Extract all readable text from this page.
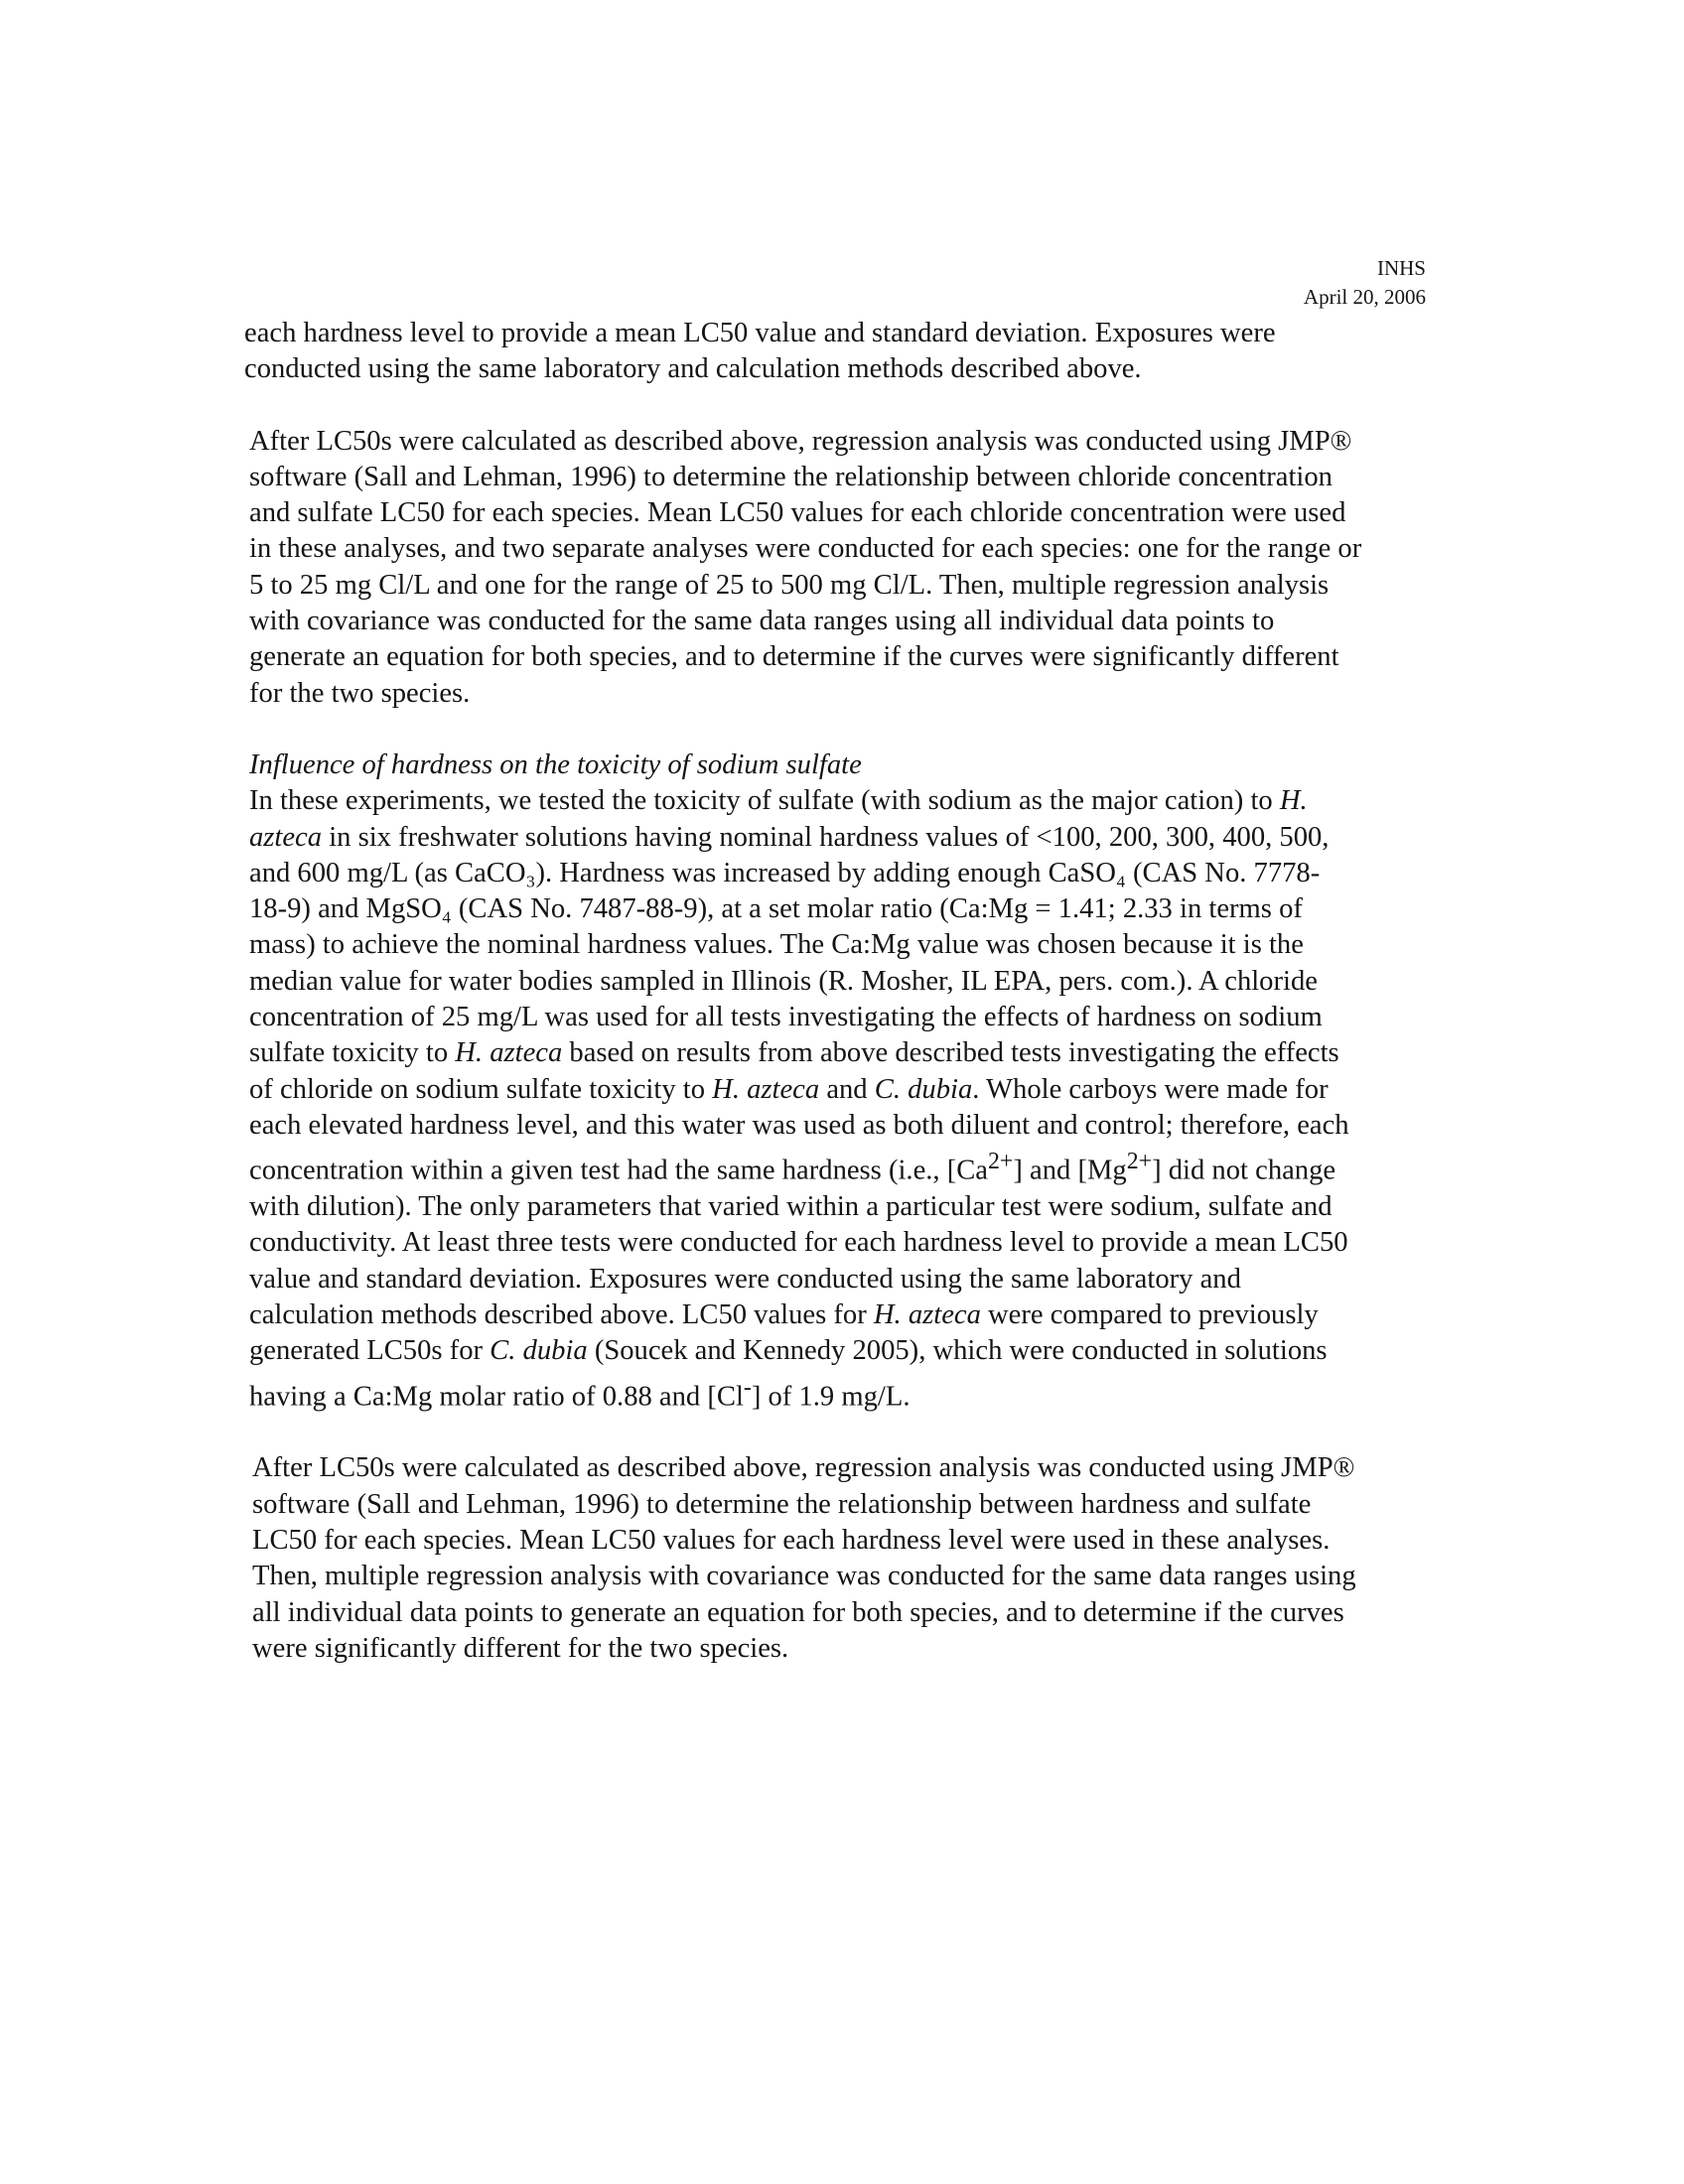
INHS
April 20, 2006

each hardness level to provide a mean LC50 value and standard deviation. Exposures were
conducted using the same laboratory and calculation methods described above.

After LC50s were calculated as described above, regression analysis was conducted using JMP®
software (Sall and Lehman, 1996) to determine the relationship between chloride concentration
and sulfate LC50 for each species. Mean LC50 values for each chloride concentration were used
in these analyses, and two separate analyses were conducted for each species: one for the range or
5 to 25 mg Cl/L and one for the range of 25 to 500 mg Cl/L. Then, multiple regression analysis
with covariance was conducted for the same data ranges using all individual data points to
generate an equation for both species, and to determine if the curves were significantly different
for the two species.

Influence of hardness on the toxicity of sodium sulfate
In these experiments, we tested the toxicity of sulfate (with sodium as the major cation) to H.
azteca in six freshwater solutions having nominal hardness values of <100, 200, 300, 400, 500,
and 600 mg/L (as CaCO₃). Hardness was increased by adding enough CaSO₄ (CAS No. 7778-
18-9) and MgSO₄ (CAS No. 7487-88-9), at a set molar ratio (Ca:Mg = 1.41; 2.33 in terms of
mass) to achieve the nominal hardness values. The Ca:Mg value was chosen because it is the
median value for water bodies sampled in Illinois (R. Mosher, IL EPA, pers. com.). A chloride
concentration of 25 mg/L was used for all tests investigating the effects of hardness on sodium
sulfate toxicity to H. azteca based on results from above described tests investigating the effects
of chloride on sodium sulfate toxicity to H. azteca and C. dubia. Whole carboys were made for
each elevated hardness level, and this water was used as both diluent and control; therefore, each
concentration within a given test had the same hardness (i.e., $[Ca^{2+}]$ and $[Mg^{2+}]$ did not change
with dilution). The only parameters that varied within a particular test were sodium, sulfate and
conductivity. At least three tests were conducted for each hardness level to provide a mean LC50
value and standard deviation. Exposures were conducted using the same laboratory and
calculation methods described above. LC50 values for H. azteca were compared to previously
generated LC50s for C. dubia (Soucek and Kennedy 2005), which were conducted in solutions
having a Ca:Mg molar ratio of 0.88 and [Cl-] of 1.9 mg/L.

After LC50s were calculated as described above, regression analysis was conducted using JMP®
software (Sall and Lehman, 1996) to determine the relationship between hardness and sulfate
LC50 for each species. Mean LC50 values for each hardness level were used in these analyses.
Then, multiple regression analysis with covariance was conducted for the same data ranges using
all individual data points to generate an equation for both species, and to determine if the curves
were significantly different for the two species.
